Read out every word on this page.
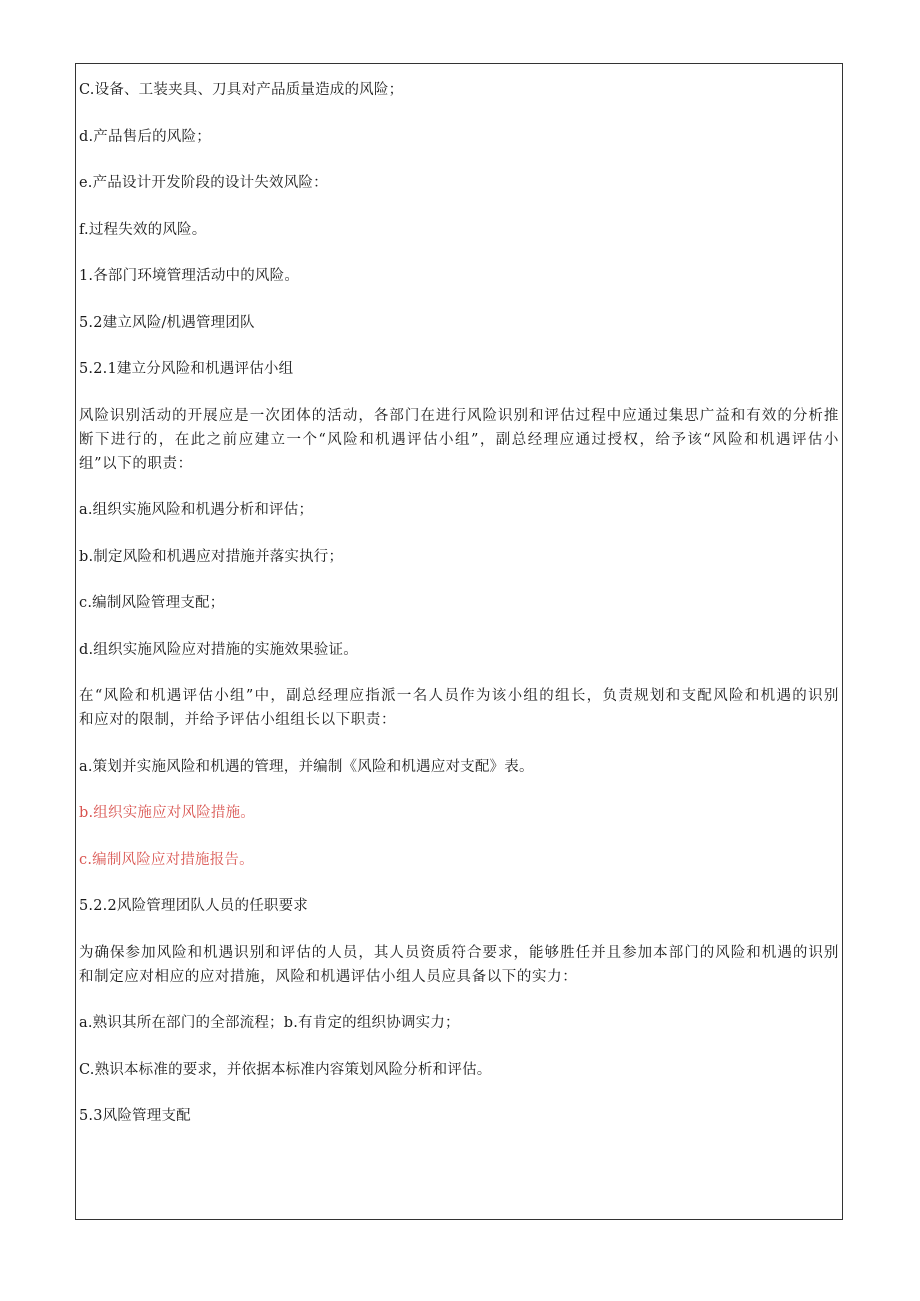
C.设备、工装夹具、刀具对产品质量造成的风险；

d.产品售后的风险；

e.产品设计开发阶段的设计失效风险：

f.过程失效的风险。

1.各部门环境管理活动中的风险。

5.2建立风险/机遇管理团队

5.2.1建立分风险和机遇评估小组

风险识别活动的开展应是一次团体的活动，各部门在进行风险识别和评估过程中应通过集思广益和有效的分析推
断下进行的，在此之前应建立一个“风险和机遇评估小组”，副总经理应通过授权，给予该“风险和机遇评估小
组”以下的职责：

a.组织实施风险和机遇分析和评估；

b.制定风险和机遇应对措施并落实执行；

c.编制风险管理支配；

d.组织实施风险应对措施的实施效果验证。

在“风险和机遇评估小组”中，副总经理应指派一名人员作为该小组的组长，负责规划和支配风险和机遇的识别
和应对的限制，并给予评估小组组长以下职责：

a.策划并实施风险和机遇的管理，并编制《风险和机遇应对支配》表。

b.组织实施应对风险措施。

c.编制风险应对措施报告。

5.2.2风险管理团队人员的任职要求

为确保参加风险和机遇识别和评估的人员，其人员资质符合要求，能够胜任并且参加本部门的风险和机遇的识别
和制定应对相应的应对措施，风险和机遇评估小组人员应具备以下的实力：

a.熟识其所在部门的全部流程；b.有肯定的组织协调实力；

C.熟识本标准的要求，并依据本标准内容策划风险分析和评估。

5.3风险管理支配
